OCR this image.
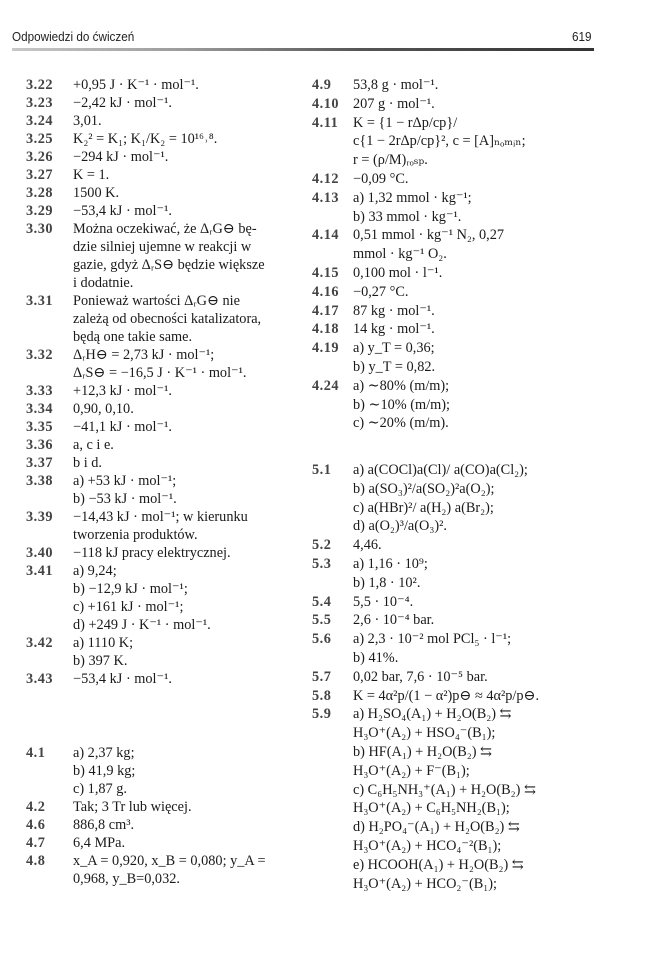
Odpowiedzi do ćwiczeń	619
3.22	+0,95 J · K⁻¹ · mol⁻¹.
3.23	−2,42 kJ · mol⁻¹.
3.24	3,01.
3.25	K₂² = K₁; K₁/K₂ = 10¹⁶˒⁸.
3.26	−294 kJ · mol⁻¹.
3.27	K = 1.
3.28	1500 K.
3.29	−53,4 kJ · mol⁻¹.
3.30	Można oczekiwać, że ΔᵣG⊖ bę-
dzie silniej ujemne w reakcji w
gazie, gdyż ΔᵣS⊖ będzie większe
i dodatnie.
3.31	Ponieważ wartości ΔᵣG⊖ nie
zależą od obecności katalizatora,
będą one takie same.
3.32	ΔᵣH⊖ = 2,73 kJ · mol⁻¹;
ΔᵣS⊖ = −16,5 J · K⁻¹ · mol⁻¹.
3.33	+12,3 kJ · mol⁻¹.
3.34	0,90, 0,10.
3.35	−41,1 kJ · mol⁻¹.
3.36	a, c i e.
3.37	b i d.
3.38	a) +53 kJ · mol⁻¹;
b) −53 kJ · mol⁻¹.
3.39	−14,43 kJ · mol⁻¹; w kierunku
tworzenia produktów.
3.40	−118 kJ pracy elektrycznej.
3.41	a) 9,24;
b) −12,9 kJ · mol⁻¹;
c) +161 kJ · mol⁻¹;
d) +249 J · K⁻¹ · mol⁻¹.
3.42	a) 1110 K;
b) 397 K.
3.43	−53,4 kJ · mol⁻¹.
4.1	a) 2,37 kg;
b) 41,9 kg;
c) 1,87 g.
4.2	Tak; 3 Tr lub więcej.
4.6	886,8 cm³.
4.7	6,4 MPa.
4.8	x_A = 0,920, x_B = 0,080; y_A =
0,968, y_B=0,032.
4.9	53,8 g · mol⁻¹.
4.10 207 g · mol⁻¹.
4.11	K = {1 − rΔp/cp}/
c{1 − 2rΔp/cp}², c = [A]ₙₒₘᵢₙ;
r = (ρ/M)ᵣₒₛₚ.
4.12 −0,09 °C.
4.13 a) 1,32 mmol · kg⁻¹;
b) 33 mmol · kg⁻¹.
4.14 0,51 mmol · kg⁻¹ N₂, 0,27
mmol · kg⁻¹ O₂.
4.15 0,100 mol · l⁻¹.
4.16 −0,27 °C.
4.17 87 kg · mol⁻¹.
4.18 14 kg · mol⁻¹.
4.19 a) y_T = 0,36;
b) y_T = 0,82.
4.24 a) ∼80% (m/m);
b) ∼10% (m/m);
c) ∼20% (m/m).
5.1	a) a(COCl)a(Cl)/ a(CO)a(Cl₂);
b) a(SO₃)²/a(SO₂)²a(O₂);
c) a(HBr)²/ a(H₂) a(Br₂);
d) a(O₂)³/a(O₃)².
5.2	4,46.
5.3	a) 1,16 · 10⁹;
b) 1,8 · 10².
5.4	5,5 · 10⁻⁴.
5.5	2,6 · 10⁻⁴ bar.
5.6	a) 2,3 · 10⁻² mol PCl₅ · l⁻¹;
b) 41%.
5.7	0,02 bar, 7,6 · 10⁻⁵ bar.
5.8	K = 4α²p/(1 − α²)p⊖ ≈ 4α²p/p⊖.
5.9	a) H₂SO₄(A₁) + H₂O(B₂) ⇆
H₃O⁺(A₂) + HSO₄⁻(B₁);
b) HF(A₁) + H₂O(B₂) ⇆
H₃O⁺(A₂) + F⁻(B₁);
c) C₆H₅NH₃⁺(A₁) + H₂O(B₂) ⇆
H₃O⁺(A₂) + C₆H₅NH₂(B₁);
d) H₂PO₄⁻(A₁) + H₂O(B₂) ⇆
H₃O⁺(A₂) + HCO₄⁻²(B₁);
e) HCOOH(A₁) + H₂O(B₂) ⇆
H₃O⁺(A₂) + HCO₂⁻(B₁);
